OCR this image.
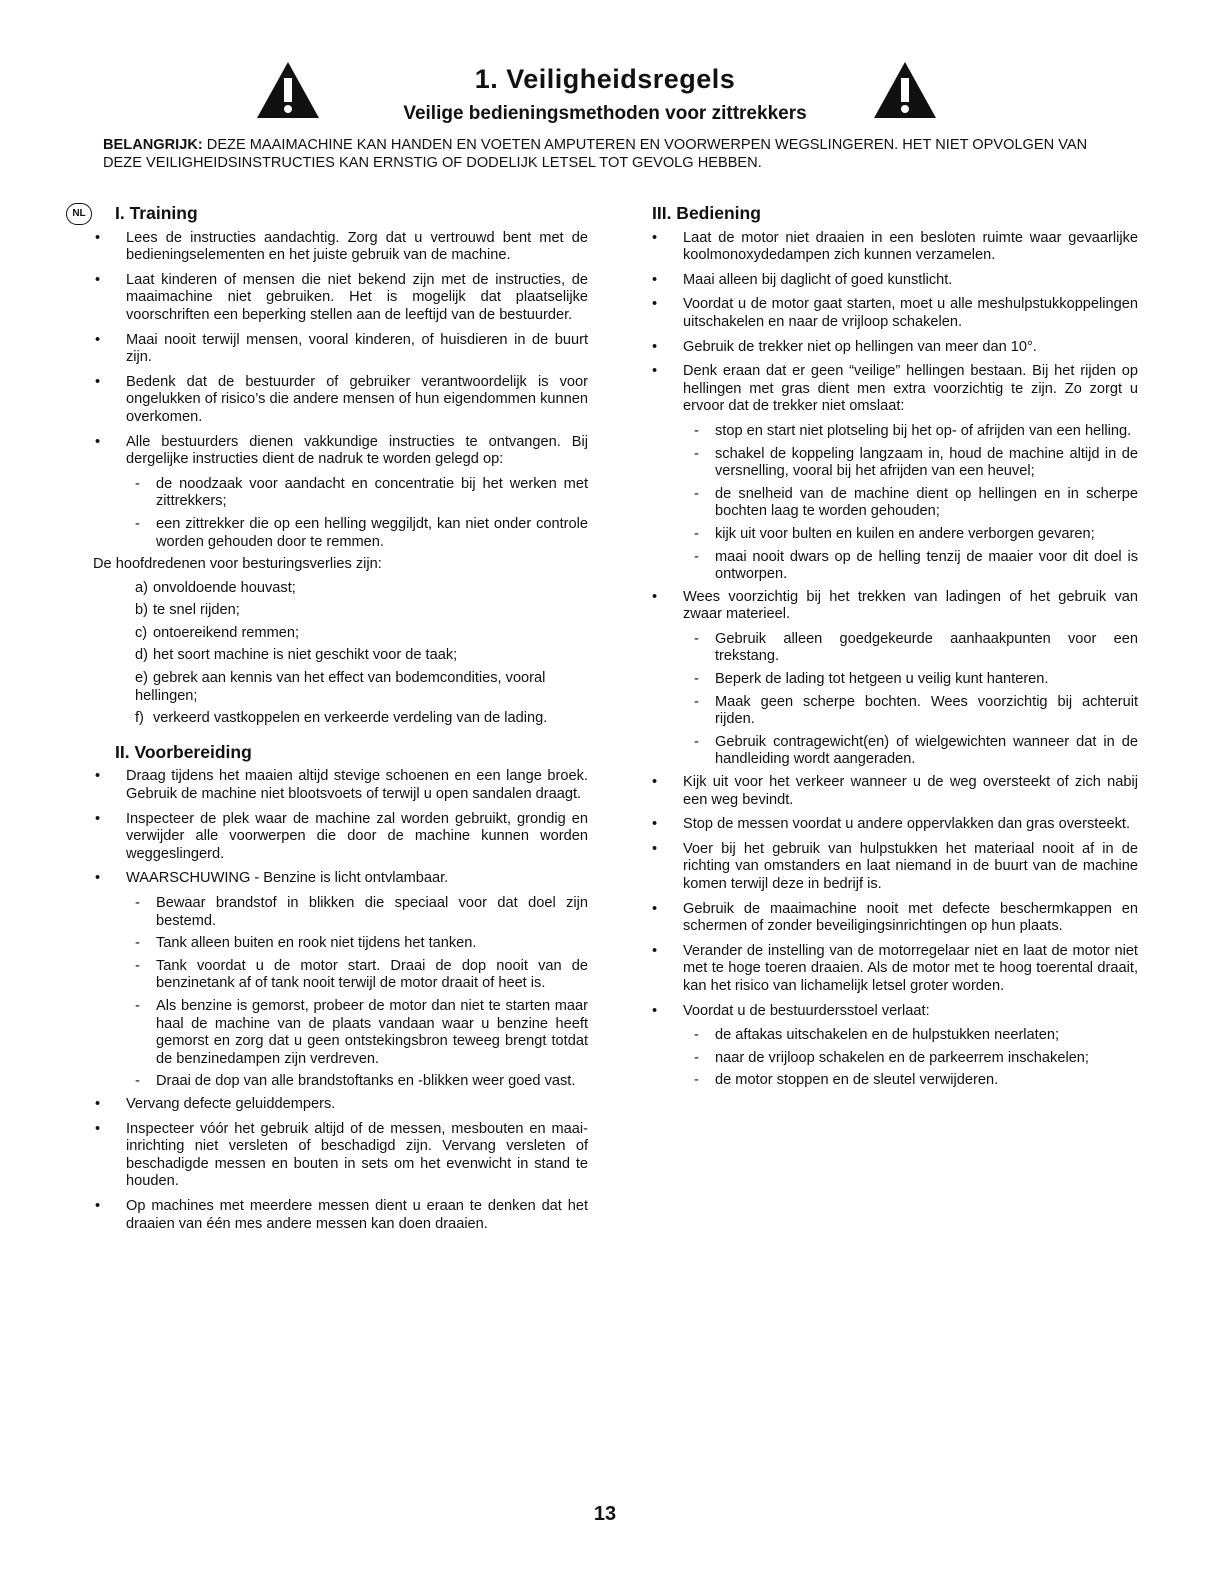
1. Veiligheidsregels
Veilige bedieningsmethoden voor zittrekkers
BELANGRIJK: DEZE MAAIMACHINE KAN HANDEN EN VOETEN AMPUTEREN EN VOORWERPEN WEGSLINGEREN. HET NIET OPVOLGEN VAN DEZE VEILIGHEIDSINSTRUCTIES KAN ERNSTIG OF DODELIJK LETSEL TOT GEVOLG HEBBEN.
NL	I. Training
• Lees de instructies aandachtig. Zorg dat u vertrouwd bent met de bedieningselementen en het juiste gebruik van de machine.
• Laat kinderen of mensen die niet bekend zijn met de instructies, de maaimachine niet gebruiken. Het is mogelijk dat plaatselijke voorschriften een beperking stellen aan de leeftijd van de bestuurder.
• Maai nooit terwijl mensen, vooral kinderen, of huisdieren in de buurt zijn.
• Bedenk dat de bestuurder of gebruiker verantwoordelijk is voor ongelukken of risico’s die andere mensen of hun eigendommen kunnen overkomen.
• Alle bestuurders dienen vakkundige instructies te ontvangen. Bij dergelijke instructies dient de nadruk te worden gelegd op:
- de noodzaak voor aandacht en concentratie bij het werken met zittrekkers;
- een zittrekker die op een helling weggiljdt, kan niet onder controle worden gehouden door te remmen.
De hoofdredenen voor besturingsverlies zijn:
a) onvoldoende houvast;
b) te snel rijden;
c) ontoereikend remmen;
d) het soort machine is niet geschikt voor de taak;
e) gebrek aan kennis van het effect van bodemcondities, vooral hellingen;
f) verkeerd vastkoppelen en verkeerde verdeling van de lading.
II. Voorbereiding
• Draag tijdens het maaien altijd stevige schoenen en een lange broek. Gebruik de machine niet blootsvoets of terwijl u open sandalen draagt.
• Inspecteer de plek waar de machine zal worden gebruikt, grondig en verwijder alle voorwerpen die door de machine kunnen worden weggeslingerd.
• WAARSCHUWING - Benzine is licht ontvlambaar.
- Bewaar brandstof in blikken die speciaal voor dat doel zijn bestemd.
- Tank alleen buiten en rook niet tijdens het tanken.
- Tank voordat u de motor start. Draai de dop nooit van de benzinetank af of tank nooit terwijl de motor draait of heet is.
- Als benzine is gemorst, probeer de motor dan niet te starten maar haal de machine van de plaats vandaan waar u benzine heeft gemorst en zorg dat u geen ontstekingsbron teweeg brengt totdat de benzinedampen zijn verdreven.
- Draai de dop van alle brandstoftanks en -blikken weer goed vast.
• Vervang defecte geluiddempers.
• Inspecteer vóór het gebruik altijd of de messen, mesbouten en maai-inrichting niet versleten of beschadigd zijn. Vervang versleten of beschadigde messen en bouten in sets om het evenwicht in stand te houden.
• Op machines met meerdere messen dient u eraan te denken dat het draaien van één mes andere messen kan doen draaien.
III. Bediening
• Laat de motor niet draaien in een besloten ruimte waar gevaarlijke koolmonoxydedampen zich kunnen verzamelen.
• Maai alleen bij daglicht of goed kunstlicht.
• Voordat u de motor gaat starten, moet u alle meshulpstukkoppelingen uitschakelen en naar de vrijloop schakelen.
• Gebruik de trekker niet op hellingen van meer dan 10°.
• Denk eraan dat er geen “veilige” hellingen bestaan. Bij het rijden op hellingen met gras dient men extra voorzichtig te zijn. Zo zorgt u ervoor dat de trekker niet omslaat:
- stop en start niet plotseling bij het op- of afrijden van een helling.
- schakel de koppeling langzaam in, houd de machine altijd in de versnelling, vooral bij het afrijden van een heuvel;
- de snelheid van de machine dient op hellingen en in scherpe bochten laag te worden gehouden;
- kijk uit voor bulten en kuilen en andere verborgen gevaren;
- maai nooit dwars op de helling tenzij de maaier voor dit doel is ontworpen.
• Wees voorzichtig bij het trekken van ladingen of het gebruik van zwaar materieel.
- Gebruik alleen goedgekeurde aanhaakpunten voor een trekstang.
- Beperk de lading tot hetgeen u veilig kunt hanteren.
- Maak geen scherpe bochten. Wees voorzichtig bij achteruit rijden.
- Gebruik contragewicht(en) of wielgewichten wanneer dat in de handleiding wordt aangeraden.
• Kijk uit voor het verkeer wanneer u de weg oversteekt of zich nabij een weg bevindt.
• Stop de messen voordat u andere oppervlakken dan gras oversteekt.
• Voer bij het gebruik van hulpstukken het materiaal nooit af in de richting van omstanders en laat niemand in de buurt van de machine komen terwijl deze in bedrijf is.
• Gebruik de maaimachine nooit met defecte beschermkappen en schermen of zonder beveiligingsinrichtingen op hun plaats.
• Verander de instelling van de motorregelaar niet en laat de motor niet met te hoge toeren draaien. Als de motor met te hoog toerental draait, kan het risico van lichamelijk letsel groter worden.
• Voordat u de bestuurdersstoel verlaat:
- de aftakas uitschakelen en de hulpstukken neerlaten;
- naar de vrijloop schakelen en de parkeerrem inschakelen;
- de motor stoppen en de sleutel verwijderen.
13
